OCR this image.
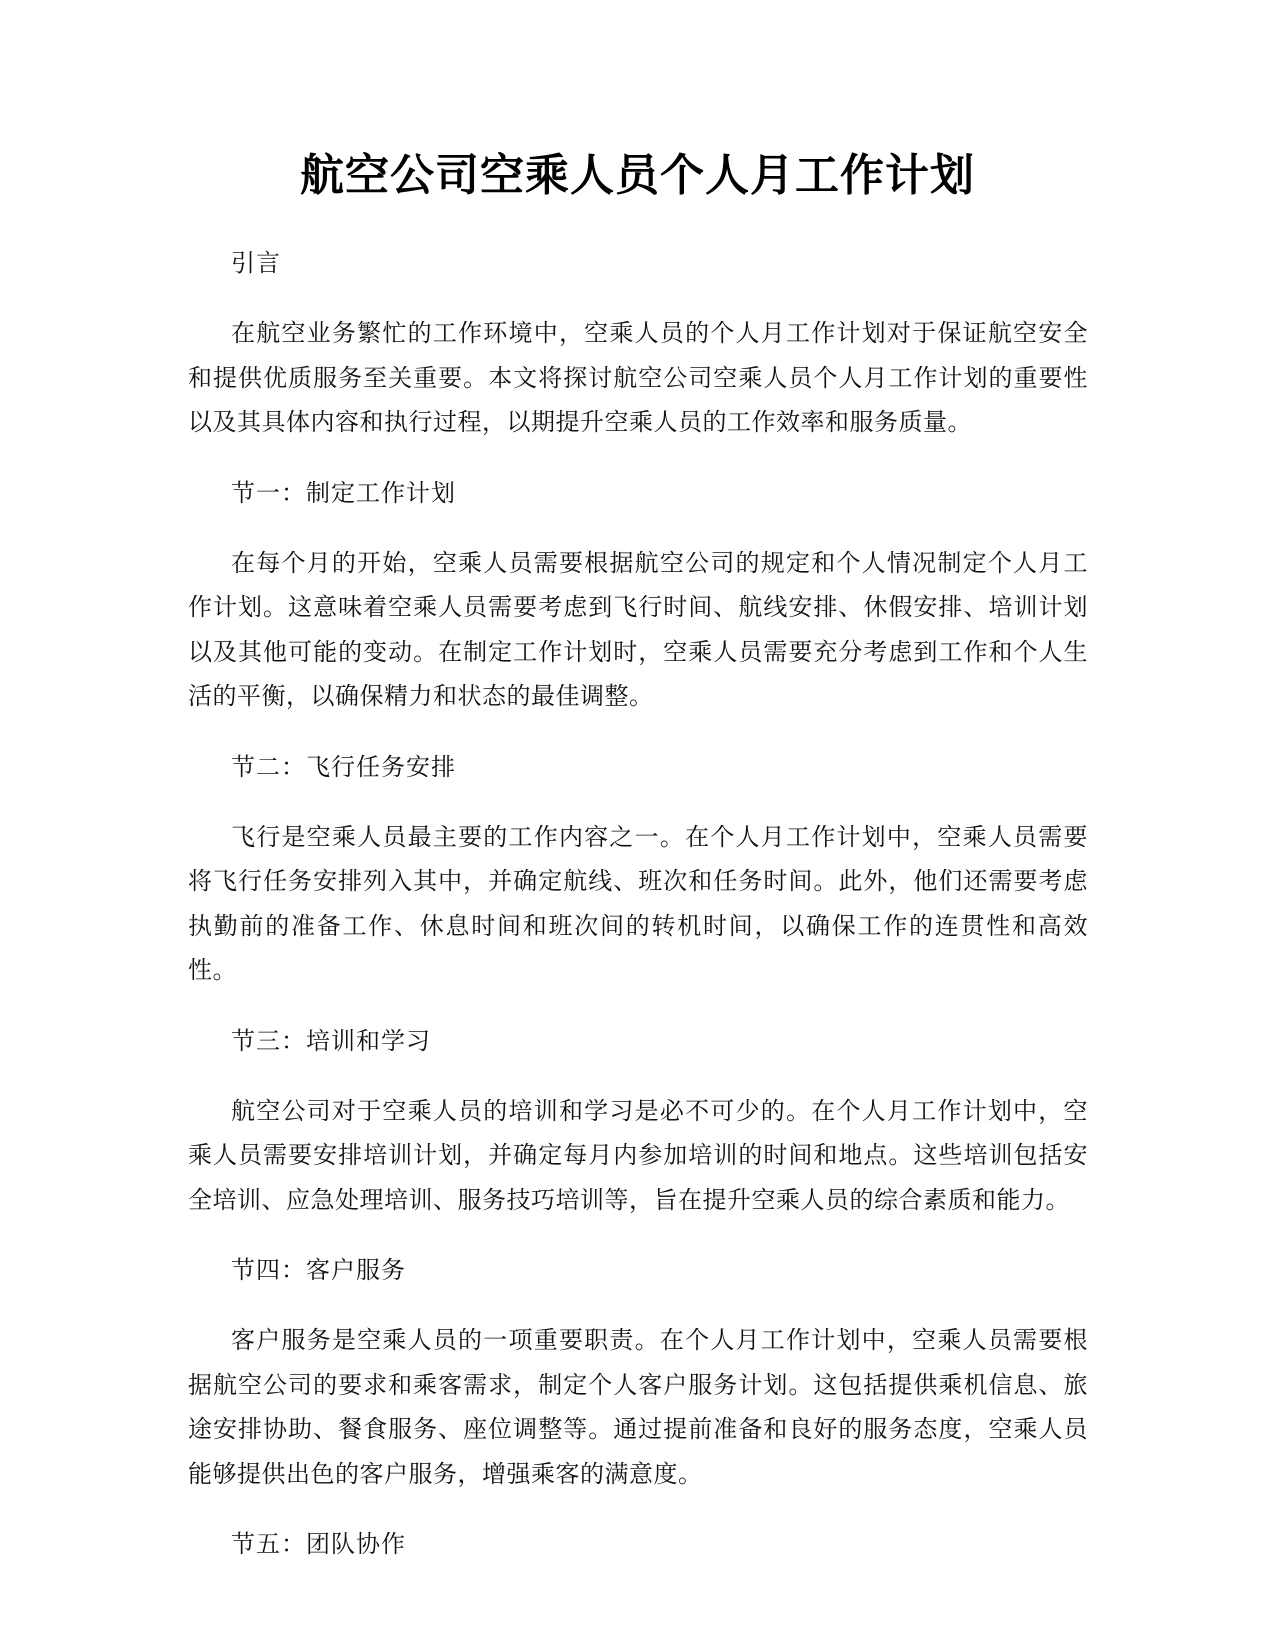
航空公司空乘人员个人月工作计划

引言

在航空业务繁忙的工作环境中，空乘人员的个人月工作计划对于保证航空安全和提供优质服务至关重要。本文将探讨航空公司空乘人员个人月工作计划的重要性以及其具体内容和执行过程，以期提升空乘人员的工作效率和服务质量。

节一：制定工作计划

在每个月的开始，空乘人员需要根据航空公司的规定和个人情况制定个人月工作计划。这意味着空乘人员需要考虑到飞行时间、航线安排、休假安排、培训计划以及其他可能的变动。在制定工作计划时，空乘人员需要充分考虑到工作和个人生活的平衡，以确保精力和状态的最佳调整。

节二：飞行任务安排

飞行是空乘人员最主要的工作内容之一。在个人月工作计划中，空乘人员需要将飞行任务安排列入其中，并确定航线、班次和任务时间。此外，他们还需要考虑执勤前的准备工作、休息时间和班次间的转机时间，以确保工作的连贯性和高效性。

节三：培训和学习

航空公司对于空乘人员的培训和学习是必不可少的。在个人月工作计划中，空乘人员需要安排培训计划，并确定每月内参加培训的时间和地点。这些培训包括安全培训、应急处理培训、服务技巧培训等，旨在提升空乘人员的综合素质和能力。

节四：客户服务

客户服务是空乘人员的一项重要职责。在个人月工作计划中，空乘人员需要根据航空公司的要求和乘客需求，制定个人客户服务计划。这包括提供乘机信息、旅途安排协助、餐食服务、座位调整等。通过提前准备和良好的服务态度，空乘人员能够提供出色的客户服务，增强乘客的满意度。

节五：团队协作
